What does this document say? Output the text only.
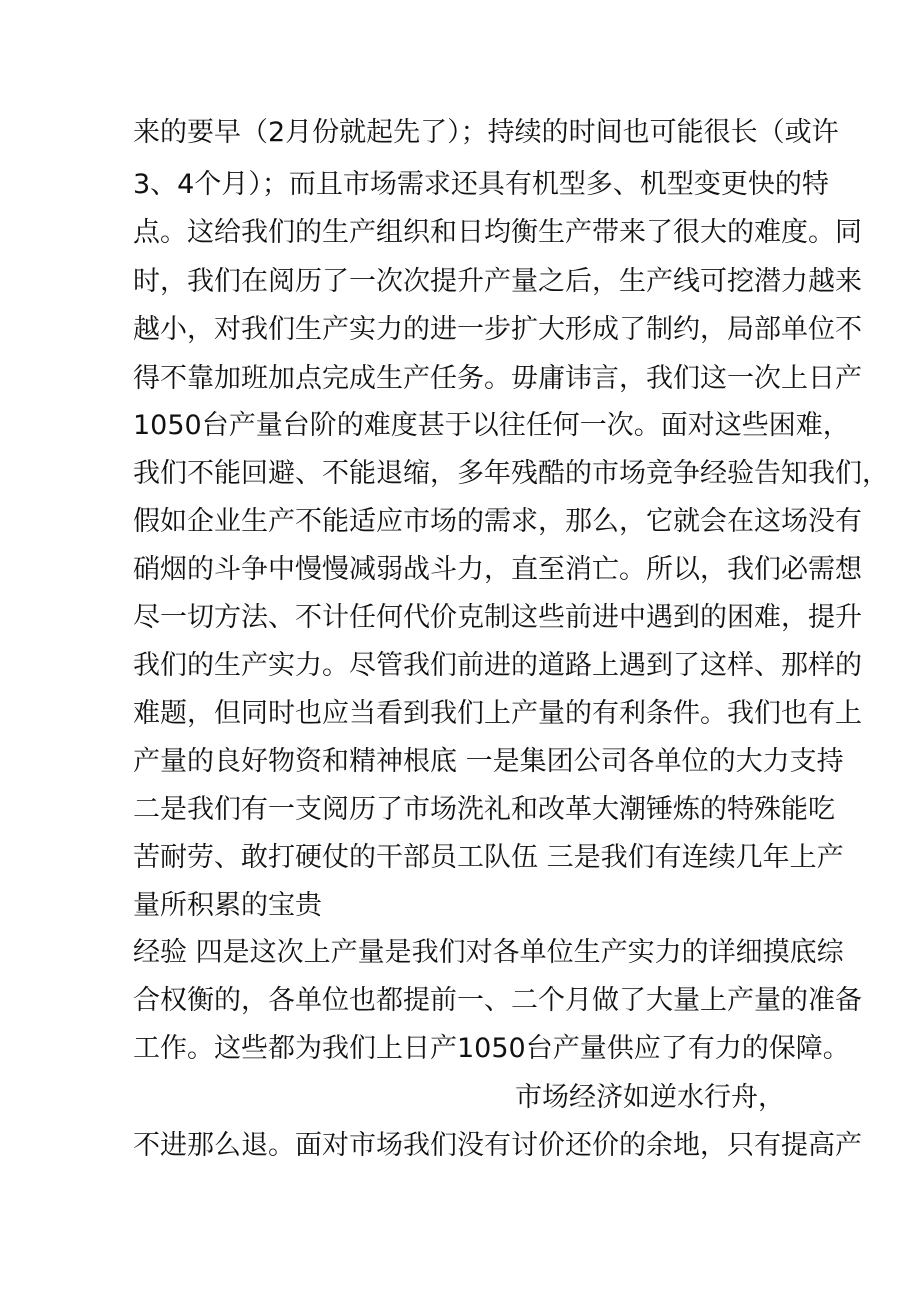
来的要早（2月份就起先了）；持续的时间也可能很长（或许
3、4个月）；而且市场需求还具有机型多、机型变更快的特
点。这给我们的生产组织和日均衡生产带来了很大的难度。同
时，我们在阅历了一次次提升产量之后，生产线可挖潜力越来
越小，对我们生产实力的进一步扩大形成了制约，局部单位不
得不靠加班加点完成生产任务。毋庸讳言，我们这一次上日产
1050台产量台阶的难度甚于以往任何一次。面对这些困难，
我们不能回避、不能退缩，多年残酷的市场竞争经验告知我们，
假如企业生产不能适应市场的需求，那么，它就会在这场没有
硝烟的斗争中慢慢减弱战斗力，直至消亡。所以，我们必需想
尽一切方法、不计任何代价克制这些前进中遇到的困难，提升
我们的生产实力。尽管我们前进的道路上遇到了这样、那样的
难题，但同时也应当看到我们上产量的有利条件。我们也有上
产量的良好物资和精神根底 一是集团公司各单位的大力支持
二是我们有一支阅历了市场洗礼和改革大潮锤炼的特殊能吃
苦耐劳、敢打硬仗的干部员工队伍 三是我们有连续几年上产
量所积累的宝贵
经验 四是这次上产量是我们对各单位生产实力的详细摸底综
合权衡的，各单位也都提前一、二个月做了大量上产量的准备
工作。这些都为我们上日产1050台产量供应了有力的保障。
市场经济如逆水行舟，
不进那么退。面对市场我们没有讨价还价的余地，只有提高产
